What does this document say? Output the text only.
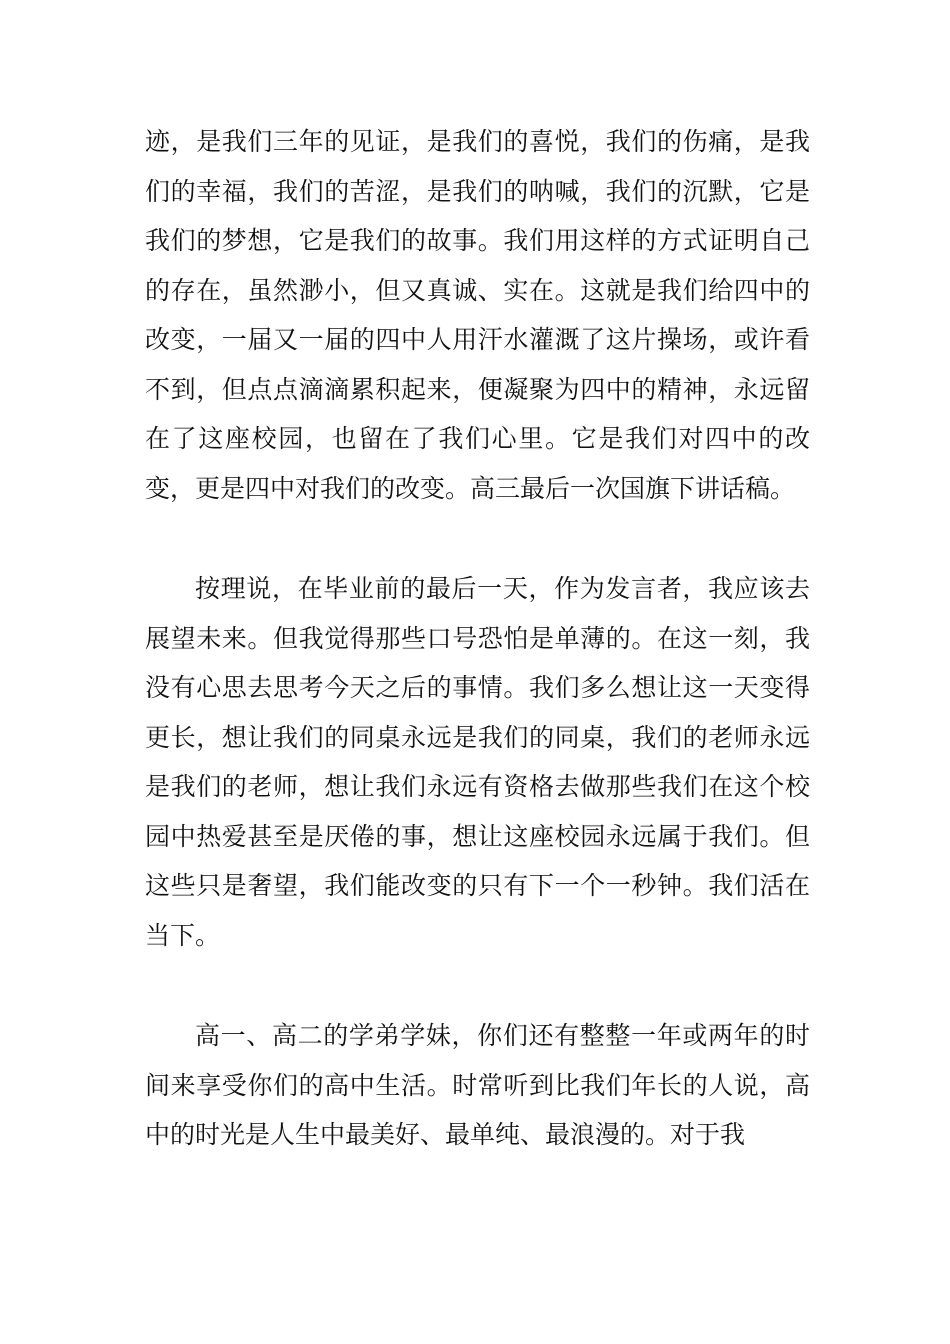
迹，是我们三年的见证，是我们的喜悦，我们的伤痛，是我们的幸福，我们的苦涩，是我们的呐喊，我们的沉默，它是我们的梦想，它是我们的故事。我们用这样的方式证明自己的存在，虽然渺小，但又真诚、实在。这就是我们给四中的改变，一届又一届的四中人用汗水灌溉了这片操场，或许看不到，但点点滴滴累积起来，便凝聚为四中的精神，永远留在了这座校园，也留在了我们心里。它是我们对四中的改变，更是四中对我们的改变。高三最后一次国旗下讲话稿。

按理说，在毕业前的最后一天，作为发言者，我应该去展望未来。但我觉得那些口号恐怕是单薄的。在这一刻，我没有心思去思考今天之后的事情。我们多么想让这一天变得更长，想让我们的同桌永远是我们的同桌，我们的老师永远是我们的老师，想让我们永远有资格去做那些我们在这个校园中热爱甚至是厌倦的事，想让这座校园永远属于我们。但这些只是奢望，我们能改变的只有下一个一秒钟。我们活在当下。

高一、高二的学弟学妹，你们还有整整一年或两年的时间来享受你们的高中生活。时常听到比我们年长的人说，高中的时光是人生中最美好、最单纯、最浪漫的。对于我
